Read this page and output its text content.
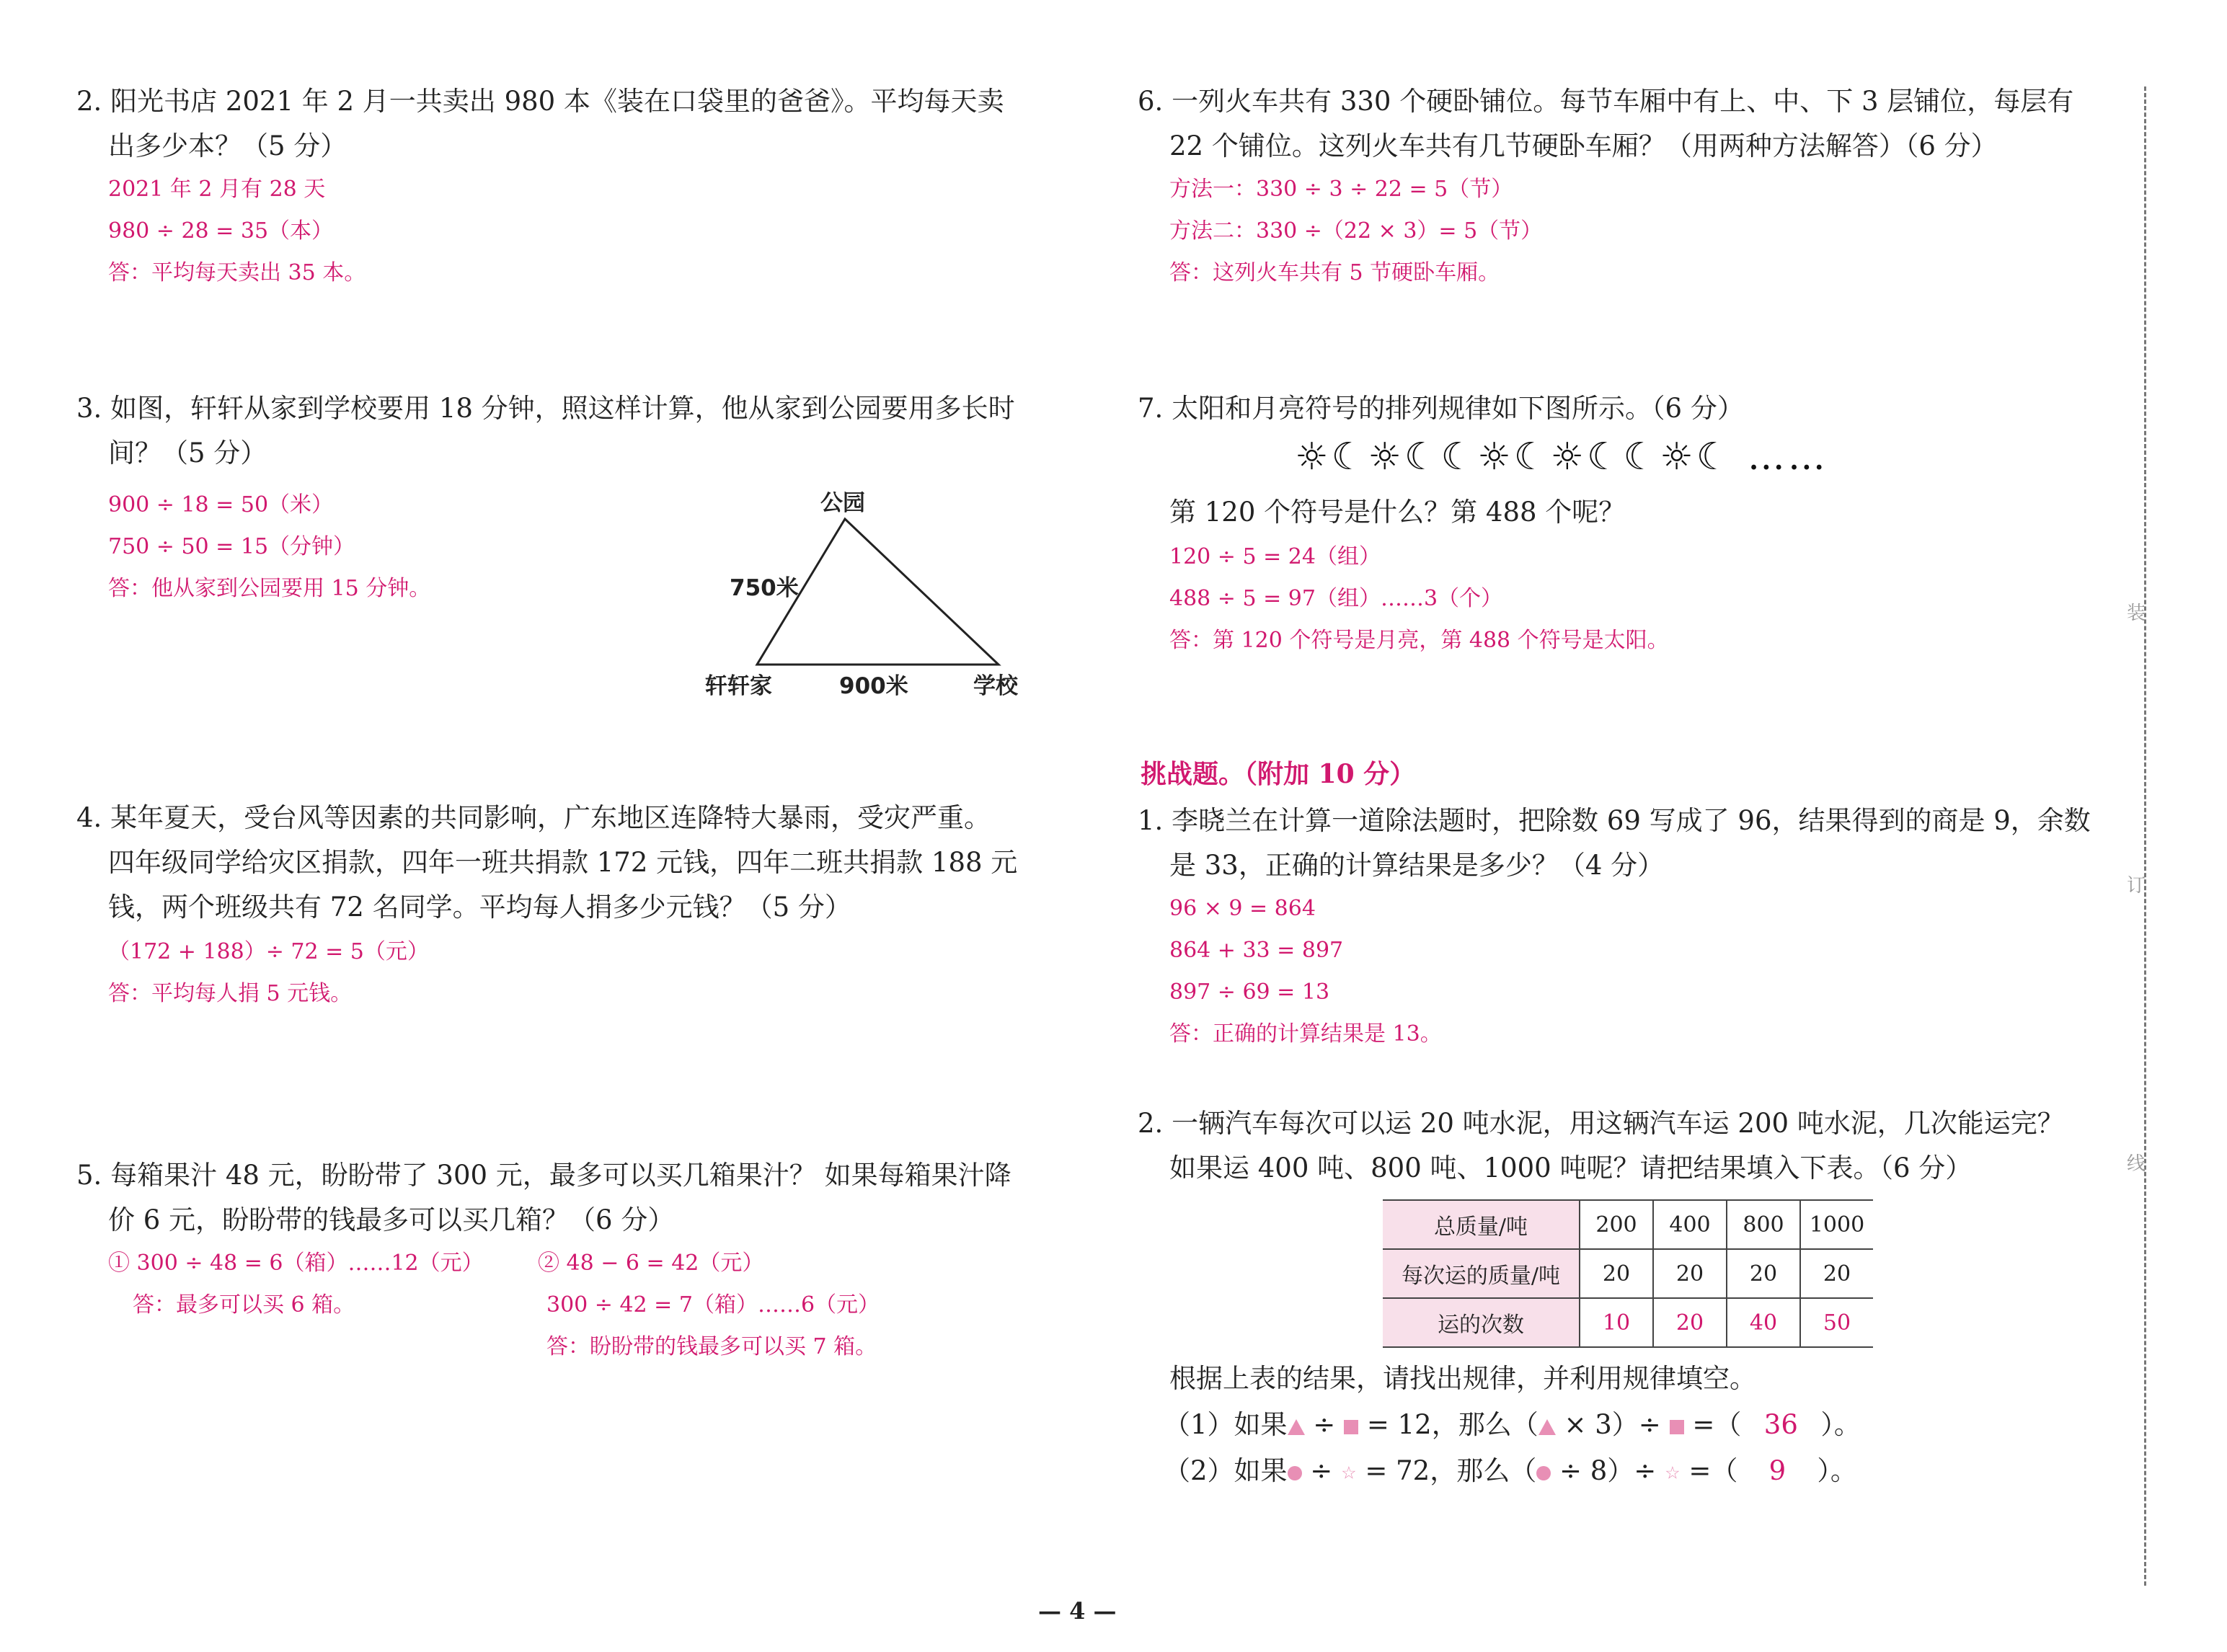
2. 阳光书店 2021 年 2 月一共卖出 980 本《装在口袋里的爸爸》。平均每天卖
出多少本？（5 分）
2021 年 2 月有 28 天
980 ÷ 28 = 35（本）
答：平均每天卖出 35 本。
3. 如图，轩轩从家到学校要用 18 分钟，照这样计算，他从家到公园要用多长时
间？（5 分）
900 ÷ 18 = 50（米）
750 ÷ 50 = 15（分钟）
答：他从家到公园要用 15 分钟。
公园
750米
轩轩家	900米	学校
4. 某年夏天，受台风等因素的共同影响，广东地区连降特大暴雨，受灾严重。
四年级同学给灾区捐款，四年一班共捐款 172 元钱，四年二班共捐款 188 元
钱，两个班级共有 72 名同学。平均每人捐多少元钱？（5 分）
（172 + 188）÷ 72 = 5（元）
答：平均每人捐 5 元钱。
5. 每箱果汁 48 元，盼盼带了 300 元，最多可以买几箱果汁？ 如果每箱果汁降
价 6 元，盼盼带的钱最多可以买几箱？（6 分）
① 300 ÷ 48 = 6（箱）……12（元）
答：最多可以买 6 箱。
② 48 − 6 = 42（元）
300 ÷ 42 = 7（箱）……6（元）
答：盼盼带的钱最多可以买 7 箱。
6. 一列火车共有 330 个硬卧铺位。每节车厢中有上、中、下 3 层铺位，每层有
22 个铺位。这列火车共有几节硬卧车厢？（用两种方法解答）（6 分）
方法一：330 ÷ 3 ÷ 22 = 5（节）
方法二：330 ÷（22 × 3）= 5（节）
答：这列火车共有 5 节硬卧车厢。
7. 太阳和月亮符号的排列规律如下图所示。（6 分）
☼☾☼☾☾☼☾☼☾☾☼☾ ……
第 120 个符号是什么？第 488 个呢？
120 ÷ 5 = 24（组）
488 ÷ 5 = 97（组）……3（个）
答：第 120 个符号是月亮，第 488 个符号是太阳。
挑战题。（附加 10 分）
1. 李晓兰在计算一道除法题时，把除数 69 写成了 96，结果得到的商是 9，余数
是 33，正确的计算结果是多少？（4 分）
96 × 9 = 864
864 + 33 = 897
897 ÷ 69 = 13
答：正确的计算结果是 13。
2. 一辆汽车每次可以运 20 吨水泥，用这辆汽车运 200 吨水泥，几次能运完？
如果运 400 吨、800 吨、1000 吨呢？请把结果填入下表。（6 分）
总质量/吨	200	400	800	1000
每次运的质量/吨	20	20	20	20
运的次数	10	20	40	50
根据上表的结果，请找出规律，并利用规律填空。
（1）如果 ÷  = 12，那么（ × 3）÷ =（ 36 ）。
（2）如果 ÷ ☆ = 72，那么（ ÷ 8）÷ ☆ =（ 9 ）。
— 4 —
装
订
线
